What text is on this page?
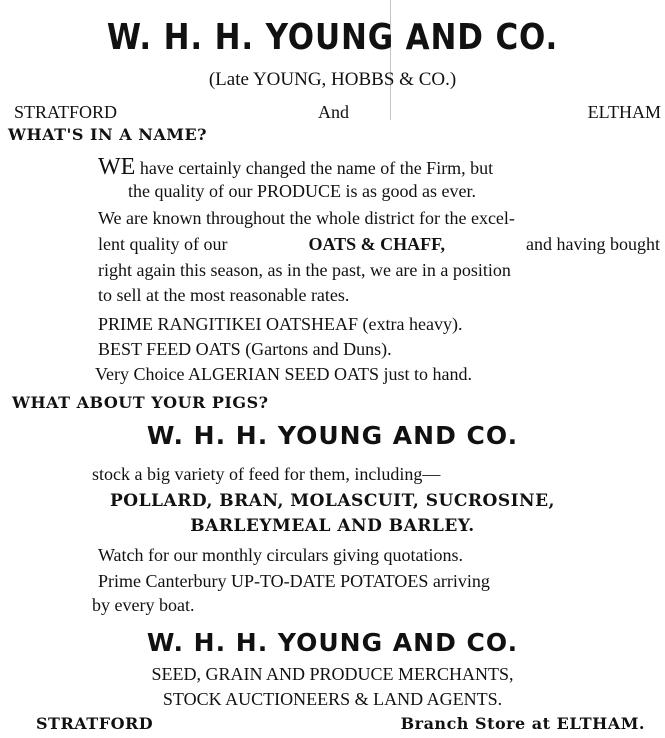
W. H. H. YOUNG AND CO.
(Late YOUNG, HOBBS & CO.)
STRATFORD	And	ELTHAM
WHAT'S IN A NAME?
WE have certainly changed the name of the Firm, but
the quality of our PRODUCE is as good as ever.
We are known throughout the whole district for the excel-
lent quality of our	OATS & CHAFF,	and having bought
right again this season, as in the past, we are in a position
to sell at the most reasonable rates.
PRIME RANGITIKEI OATSHEAF (extra heavy).
BEST FEED OATS (Gartons and Duns).
Very Choice ALGERIAN SEED OATS just to hand.
WHAT ABOUT YOUR PIGS?
W. H. H. YOUNG AND CO.
stock a big variety of feed for them, including—
POLLARD, BRAN, MOLASCUIT, SUCROSINE,
BARLEYMEAL AND BARLEY.
Watch for our monthly circulars giving quotations.
Prime Canterbury UP-TO-DATE POTATOES arriving
by every boat.
W. H. H. YOUNG AND CO.
SEED, GRAIN AND PRODUCE MERCHANTS,
STOCK AUCTIONEERS & LAND AGENTS.
STRATFORD	Branch Store at ELTHAM.
